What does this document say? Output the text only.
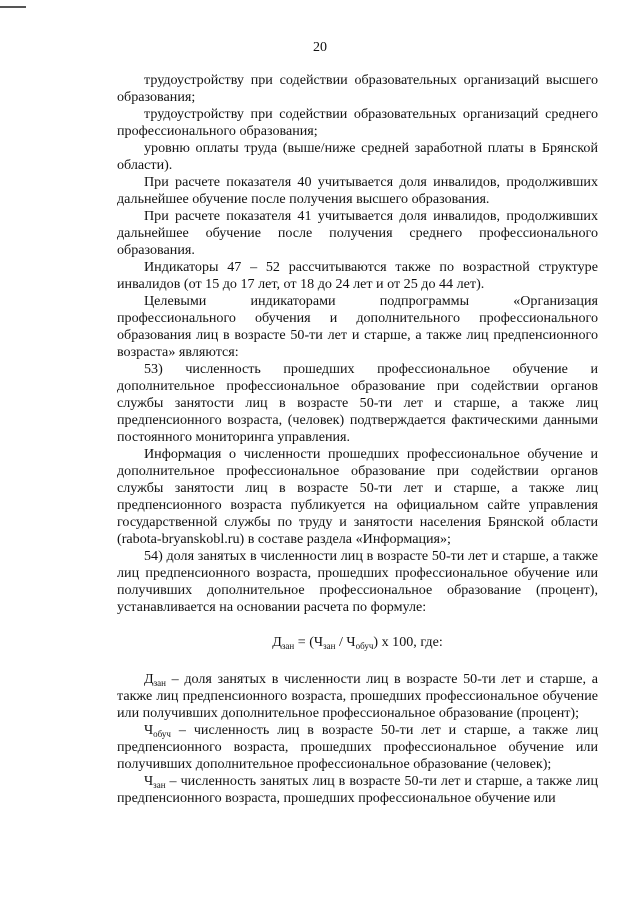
20

трудоустройству при содействии образовательных организаций высшего образования;

трудоустройству при содействии образовательных организаций среднего профессионального образования;

уровню оплаты труда (выше/ниже средней заработной платы в Брянской области).

При расчете показателя 40 учитывается доля инвалидов, продолживших дальнейшее обучение после получения высшего образования.

При расчете показателя 41 учитывается доля инвалидов, продолживших дальнейшее обучение после получения среднего профессионального образования.

Индикаторы 47 – 52 рассчитываются также по возрастной структуре инвалидов (от 15 до 17 лет, от 18 до 24 лет и от 25 до 44 лет).

Целевыми индикаторами подпрограммы «Организация профессионального обучения и дополнительного профессионального образования лиц в возрасте 50-ти лет и старше, а также лиц предпенсионного возраста» являются:

53) численность прошедших профессиональное обучение и дополнительное профессиональное образование при содействии органов службы занятости лиц в возрасте 50-ти лет и старше, а также лиц предпенсионного возраста, (человек) подтверждается фактическими данными постоянного мониторинга управления.

Информация о численности прошедших профессиональное обучение и дополнительное профессиональное образование при содействии органов службы занятости лиц в возрасте 50-ти лет и старше, а также лиц предпенсионного возраста публикуется на официальном сайте управления государственной службы по труду и занятости населения Брянской области (rabota-bryanskobl.ru) в составе раздела «Информация»;

54) доля занятых в численности лиц в возрасте 50-ти лет и старше, а также лиц предпенсионного возраста, прошедших профессиональное обучение или получивших дополнительное профессиональное образование (процент), устанавливается на основании расчета по формуле:

$Д_{зан} = (Ч_{зан} / Ч_{обуч})$ х 100, где:

$Д_{зан}$ – доля занятых в численности лиц в возрасте 50-ти лет и старше, а также лиц предпенсионного возраста, прошедших профессиональное обучение или получивших дополнительное профессиональное образование (процент);

$Ч_{обуч}$ – численность лиц в возрасте 50-ти лет и старше, а также лиц предпенсионного возраста, прошедших профессиональное обучение или получивших дополнительное профессиональное образование (человек);

$Ч_{зан}$ – численность занятых лиц в возрасте 50-ти лет и старше, а также лиц предпенсионного возраста, прошедших профессиональное обучение или
